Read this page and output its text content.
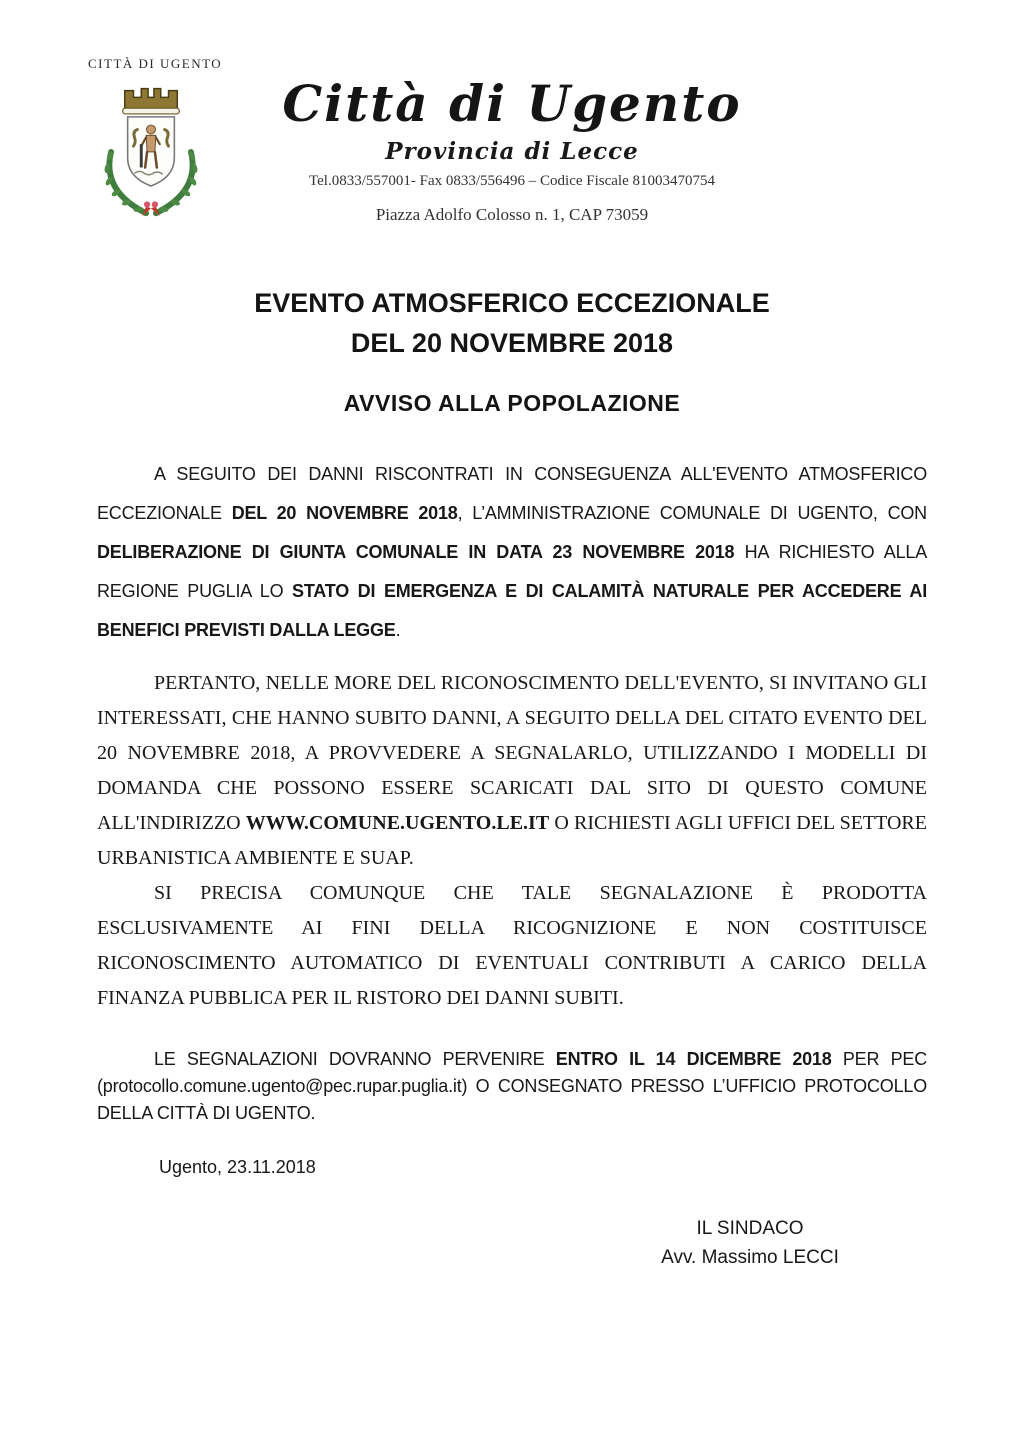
CITTÀ DI UGENTO
Città di Ugento
Provincia di Lecce
Tel.0833/557001- Fax 0833/556496 – Codice Fiscale 81003470754
Piazza Adolfo Colosso n. 1, CAP 73059
EVENTO ATMOSFERICO ECCEZIONALE
DEL 20 NOVEMBRE 2018
AVVISO ALLA POPOLAZIONE

A SEGUITO DEI DANNI RISCONTRATI IN CONSEGUENZA ALL'EVENTO ATMOSFERICO ECCEZIONALE DEL 20 NOVEMBRE 2018, L’AMMINISTRAZIONE COMUNALE DI UGENTO, CON DELIBERAZIONE DI GIUNTA COMUNALE IN DATA 23 NOVEMBRE 2018 HA RICHIESTO ALLA REGIONE PUGLIA LO STATO DI EMERGENZA E DI CALAMITÀ NATURALE PER ACCEDERE AI BENEFICI PREVISTI DALLA LEGGE.

PERTANTO, NELLE MORE DEL RICONOSCIMENTO DELL'EVENTO, SI INVITANO GLI INTERESSATI, CHE HANNO SUBITO DANNI, A SEGUITO DELLA DEL CITATO EVENTO DEL 20 NOVEMBRE 2018, A PROVVEDERE A SEGNALARLO, UTILIZZANDO I MODELLI DI DOMANDA CHE POSSONO ESSERE SCARICATI DAL SITO DI QUESTO COMUNE ALL'INDIRIZZO WWW.COMUNE.UGENTO.LE.IT O RICHIESTI AGLI UFFICI DEL SETTORE URBANISTICA AMBIENTE E SUAP.

SI PRECISA COMUNQUE CHE TALE SEGNALAZIONE È PRODOTTA ESCLUSIVAMENTE AI FINI DELLA RICOGNIZIONE E NON COSTITUISCE RICONOSCIMENTO AUTOMATICO DI EVENTUALI CONTRIBUTI A CARICO DELLA FINANZA PUBBLICA PER IL RISTORO DEI DANNI SUBITI.

LE SEGNALAZIONI DOVRANNO PERVENIRE ENTRO IL 14 DICEMBRE 2018 PER PEC (protocollo.comune.ugento@pec.rupar.puglia.it) O CONSEGNATO PRESSO L’UFFICIO PROTOCOLLO DELLA CITTÀ DI UGENTO.

Ugento, 23.11.2018
IL SINDACO
Avv. Massimo LECCI
